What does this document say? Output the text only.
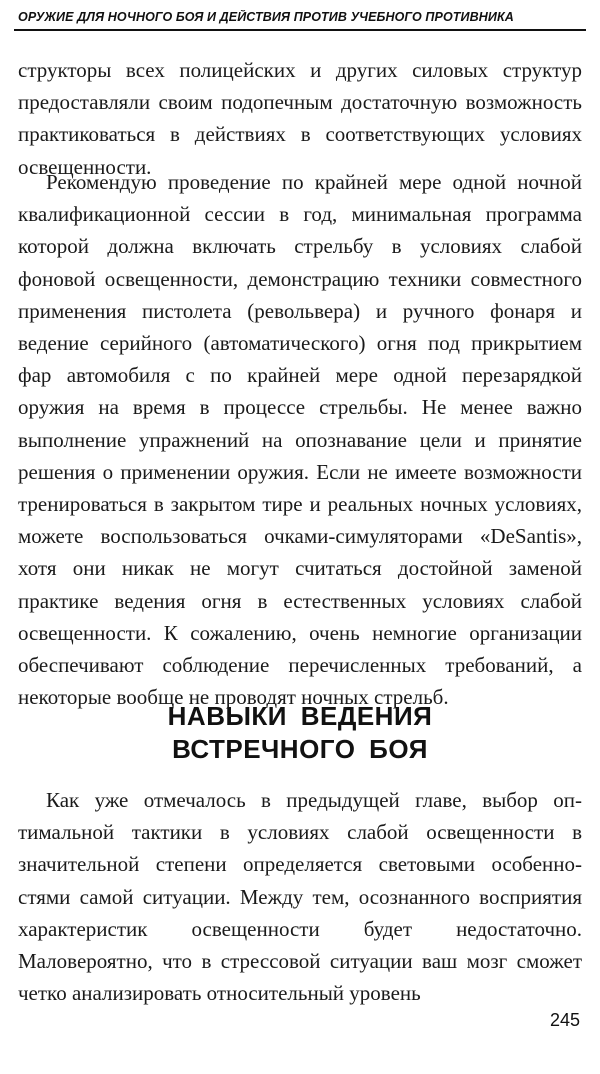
ОРУЖИЕ ДЛЯ НОЧНОГО БОЯ И ДЕЙСТВИЯ ПРОТИВ УЧЕБНОГО ПРОТИВНИКА

структоры всех полицейских и других силовых структур предоставляли своим подопечным достаточную возможность практиковаться в действиях в соответствующих условиях освещенности.

Рекомендую проведение по крайней мере одной ночной квалификационной сессии в год, минимальная программа которой должна включать стрельбу в условиях слабой фоновой освещенности, демонстрацию техники совместного применения пистолета (револьвера) и ручного фонаря и ведение серийного (автоматического) огня под прикрытием фар автомобиля с по крайней мере одной перезарядкой оружия на время в процессе стрельбы. Не менее важно выполнение упражнений на опознавание цели и принятие решения о применении оружия. Если не имеете возможности тренироваться в закрытом тире и реальных ночных условиях, можете воспользоваться очками-симуляторами «DeSantis», хотя они никак не могут считаться достойной заменой практике ведения огня в естественных условиях слабой освещенности. К сожалению, очень немногие организации обеспечивают соблюдение перечисленных требований, а некоторые вообще не проводят ночных стрельб.

НАВЫКИ ВЕДЕНИЯ
ВСТРЕЧНОГО БОЯ

Как уже отмечалось в предыдущей главе, выбор оптимальной тактики в условиях слабой освещенности в значительной степени определяется световыми особенностями самой ситуации. Между тем, осознанного восприятия характеристик освещенности будет недостаточно. Маловероятно, что в стрессовой ситуации ваш мозг сможет четко анализировать относительный уровень

245
